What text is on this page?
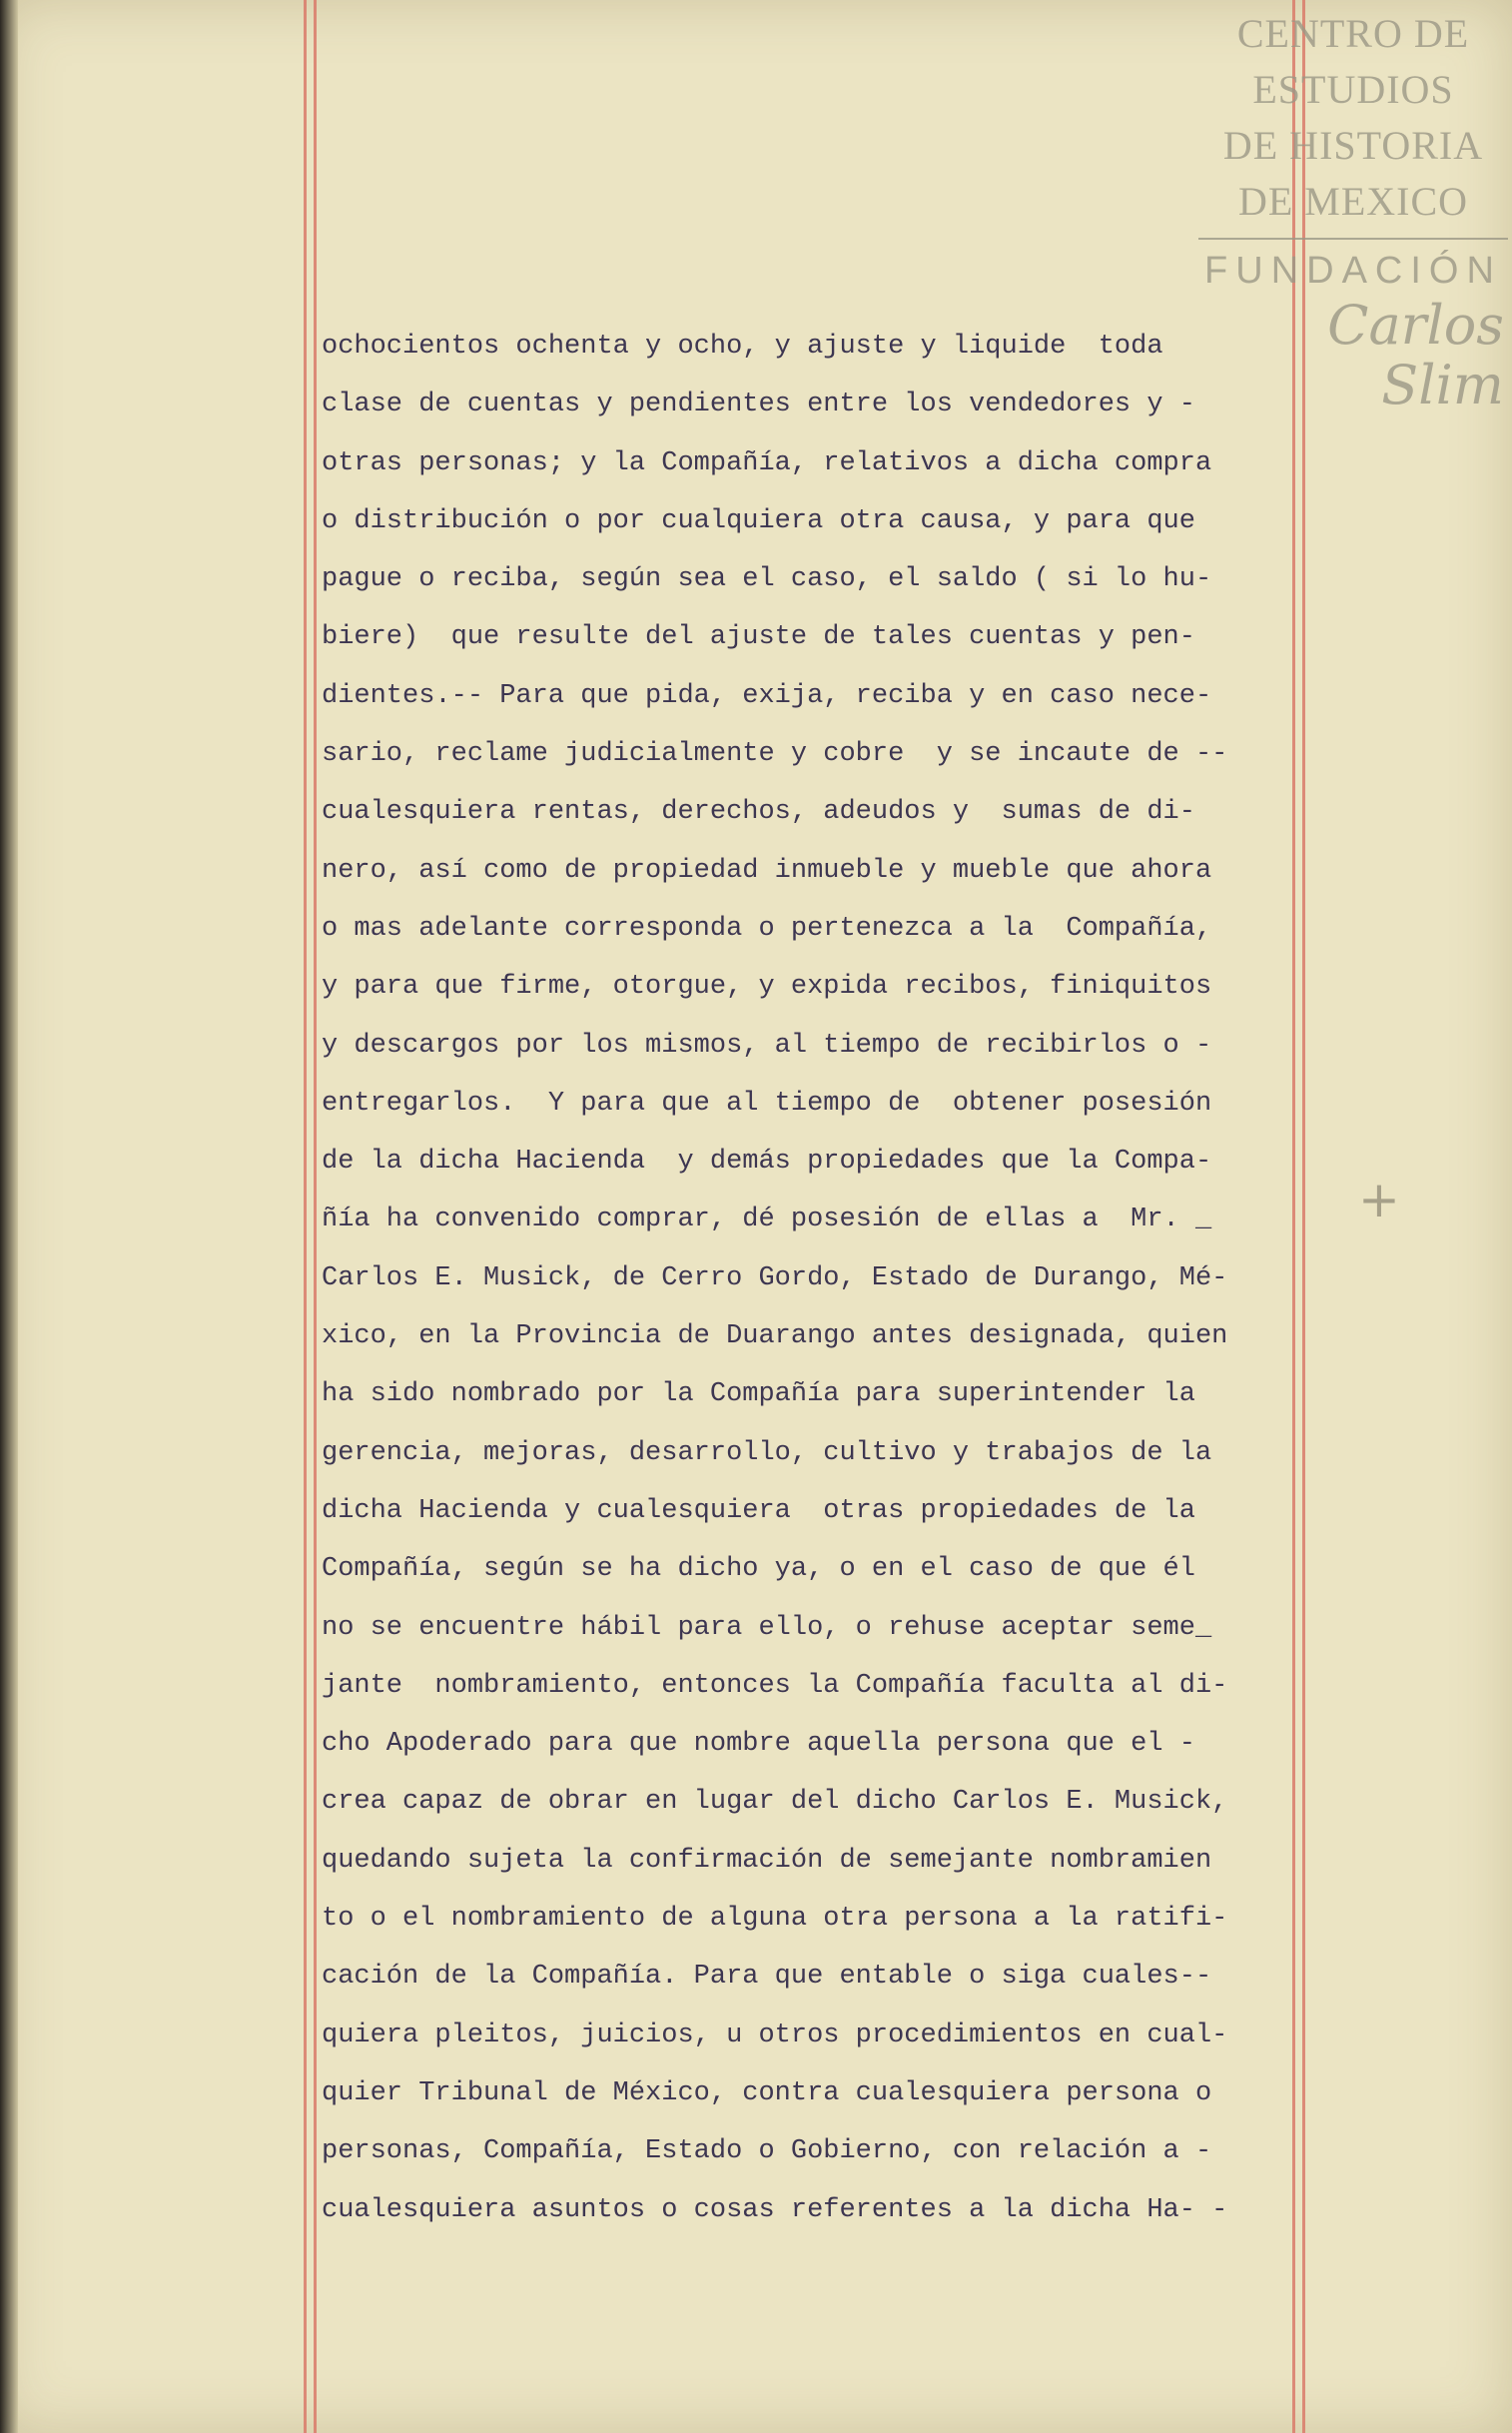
CENTRO DE
ESTUDIOS
DE HISTORIA
DE MEXICO
FUNDACIÓN
Carlos Slim
+
ochocientos ochenta y ocho, y ajuste y liquide  toda
clase de cuentas y pendientes entre los vendedores y -
otras personas; y la Compañía, relativos a dicha compra
o distribución o por cualquiera otra causa, y para que
pague o reciba, según sea el caso, el saldo ( si lo hu-
biere)  que resulte del ajuste de tales cuentas y pen-
dientes.-- Para que pida, exija, reciba y en caso nece-
sario, reclame judicialmente y cobre  y se incaute de --
cualesquiera rentas, derechos, adeudos y  sumas de di-
nero, así como de propiedad inmueble y mueble que ahora
o mas adelante corresponda o pertenezca a la  Compañía,
y para que firme, otorgue, y expida recibos, finiquitos
y descargos por los mismos, al tiempo de recibirlos o -
entregarlos.  Y para que al tiempo de  obtener posesión
de la dicha Hacienda  y demás propiedades que la Compa-
ñía ha convenido comprar, dé posesión de ellas a  Mr. _
Carlos E. Musick, de Cerro Gordo, Estado de Durango, Mé-
xico, en la Provincia de Duarango antes designada, quien
ha sido nombrado por la Compañía para superintender la
gerencia, mejoras, desarrollo, cultivo y trabajos de la
dicha Hacienda y cualesquiera  otras propiedades de la
Compañía, según se ha dicho ya, o en el caso de que él
no se encuentre hábil para ello, o rehuse aceptar seme_
jante  nombramiento, entonces la Compañía faculta al di-
cho Apoderado para que nombre aquella persona que el -
crea capaz de obrar en lugar del dicho Carlos E. Musick,
quedando sujeta la confirmación de semejante nombramien
to o el nombramiento de alguna otra persona a la ratifi-
cación de la Compañía. Para que entable o siga cuales--
quiera pleitos, juicios, u otros procedimientos en cual-
quier Tribunal de México, contra cualesquiera persona o
personas, Compañía, Estado o Gobierno, con relación a -
cualesquiera asuntos o cosas referentes a la dicha Ha- -
